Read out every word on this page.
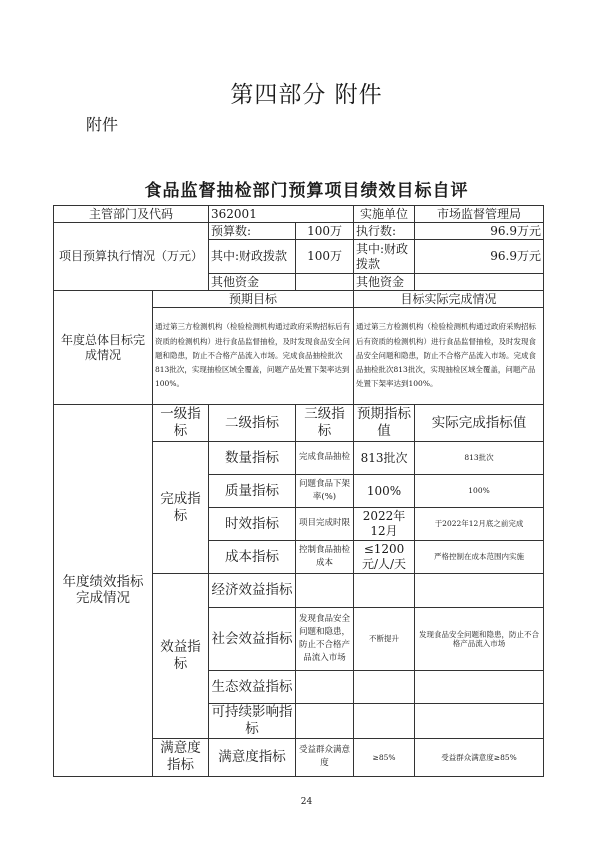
第四部分 附件
附件
食品监督抽检部门预算项目绩效目标自评
主管部门及代码		362001		实施单位	市场监督管理局
项目预算执行情况（万元）		预算数:	100万	执行数:	96.9万元
		其中:财政拨款	100万	其中:财政拨款	96.9万元
		其他资金		其他资金	
年度总体目标完成情况	预期目标			目标实际完成情况	
	通过第三方检测机构（检验检测机构通过政府采购招标后有资质的检测机构）进行食品监督抽检，及时发现食品安全问题和隐患，防止不合格产品流入市场。完成食品抽检批次813批次，实现抽检区域全覆盖，问题产品处置下架率达到100%。			通过第三方检测机构（检验检测机构通过政府采购招标后有资质的检测机构）进行食品监督抽检，及时发现食品安全问题和隐患，防止不合格产品流入市场。完成食品抽检批次813批次，实现抽检区域全覆盖，问题产品处置下架率达到100%。	
年度绩效指标完成情况	一级指标	二级指标	三级指标	预期指标值	实际完成指标值
	完成指标	数量指标	完成食品抽检	813批次	813批次
		质量指标	问题食品下架率(%)	100%	100%
		时效指标	项目完成时限	2022年12月	于2022年12月底之前完成
		成本指标	控制食品抽检成本	≤1200元/人/天	严格控制在成本范围内实施
	效益指标	经济效益指标			
		社会效益指标	发现食品安全问题和隐患，防止不合格产品流入市场	不断提升	发现食品安全问题和隐患，防止不合格产品流入市场
		生态效益指标			
		可持续影响指标			
	满意度指标	满意度指标	受益群众满意度	≥85%	受益群众满意度≥85%
24
